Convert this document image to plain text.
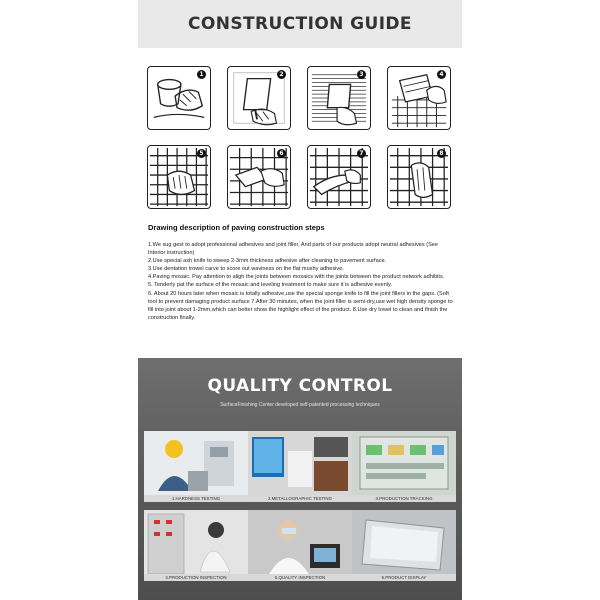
CONSTRUCTION GUIDE
1	2	3	4
5	6	7	8
Drawing description of paving construction steps

1.We sug gest to adopt professional adhesives and joint filler, And parts of our products adopt neutral adhesives (See Interior instruction)

2.Use special ash knife to sweep 2-3mm thickness adhesive after cleaning to pavement surface.

3.Use dentation trowel carve to score out waviness on the flat mushy adhesive.

4.Paving mosaic. Pay attention to aligh the joints between mosaics with the joints between the product network adhibits.

5. Tenderly pat the surface of the mosaic and leveling treatment to make sure it is adhesive evenly.

6. About 20 hours later when mosaic is totally adhesive,use the special sponge knife to fill the joint fillers in the gaps. (Soft tool to prevent damaging product surface 7.After 30 minutes, when the joint filler is semi-dry,use wet high density sponge to fill into joint about 1-2mm,which can better show the highlight effect of the product. 8.Use dry towel to clean and finish the construction finally.

QUALITY CONTROL
SurfaceFinishing Center developed self-patented processing techniques
1.HARDNESS TESTING	2.METALLOGRAPHIC TESTING	3.PRODUCTION TRACKING
4.PRODUCTION INSPECTION	5.QUALITY INSPECTION	6.PRODUCT DISPLAY
